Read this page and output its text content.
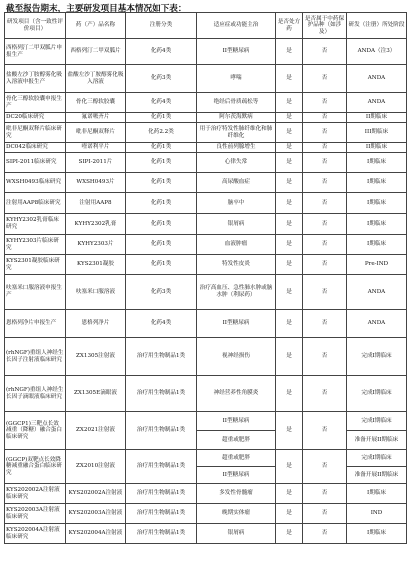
截至报告期末，主要研发项目基本情况如下表：
研发项目（含一致性评价项目）	药（产）品名称	注册分类	适应症或功能主治	是否处方药	是否属于中药保护品种（如涉及）	研发（注册）所处阶段
西格列汀二甲双胍片申报生产	西格列汀二甲双胍片	化药4类	II型糖尿病	是	否	ANDA（注3）
盐酸左沙丁胺醇雾化吸入溶液申报生产	盐酸左沙丁胺醇雾化吸入溶液	化药3类	哮喘	是	否	ANDA
骨化三醇软胶囊申报生产	骨化三醇软胶囊	化药4类	绝经后骨质疏松等	是	否	ANDA
DC20临床研究	氟诺哌齐片	化药1类	阿尔茨海默病	是	否	II期临床
吡非尼酮双释片临床研究	吡非尼酮双释片	化药2.2类	用于治疗特发性肺纤维化和肺纤维化	是	否	III期临床
DC042临床研究	喹诺利平片	化药1类	良性前列腺增生	是	否	II期临床
SIPI-2011临床研究	SIPI-2011片	化药1类	心律失常	是	否	I期临床
WXSH0493临床研究	WXSH0493片	化药1类	高尿酸血症	是	否	I期临床
注射用AAP8临床研究	注射用AAP8	化药1类	脑卒中	是	否	I期临床
KYHY2302乳膏临床研究	KYHY2302乳膏	化药1类	银屑病	是	否	I期临床
KYHY2303片临床研究	KYHY2303片	化药1类	血液肿瘤	是	否	I期临床
KYS2301凝胶临床研究	KYS2301凝胶	化药1类	特发性皮炎	是	否	Pre-IND
呋塞米口服溶液申报生产	呋塞米口服溶液	化药3类	治疗高血压、急性肺水肿或脑水肿（利尿药）	是	否	ANDA
恩格列净片申报生产	恩格列净片	化药4类	II型糖尿病	是	否	ANDA
(rhNGF)重组人神经生长因子注射液临床研究	ZX1305注射液	治疗用生物制品1类	视神经损伤	是	否	完成I期临床
(rhNGF)重组人神经生长因子滴眼液临床研究	ZX1305E滴眼液	治疗用生物制品1类	神经营养性角膜炎	是	否	完成I期临床
(GGCP1)三靶点长效减重（降糖）融合蛋白临床研究	ZX2021注射液	治疗用生物制品1类	II型糖尿病	是	否	完成I期临床
			超重或肥胖			准备开展II期临床
(GGCP)双靶点长效降糖减重融合蛋白临床研究	ZX2010注射液	治疗用生物制品1类	超重或肥胖	是	否	完成I期临床
			II型糖尿病			准备开展II期临床
KYS202002A注射液临床研究	KYS202002A注射液	治疗用生物制品1类	多发性骨髓瘤	是	否	I期临床
KYS202003A注射液临床研究	KYS202003A注射液	治疗用生物制品1类	晚期实体瘤	是	否	IND
KYS202004A注射液临床研究	KYS202004A注射液	治疗用生物制品1类	银屑病	是	否	I期临床
